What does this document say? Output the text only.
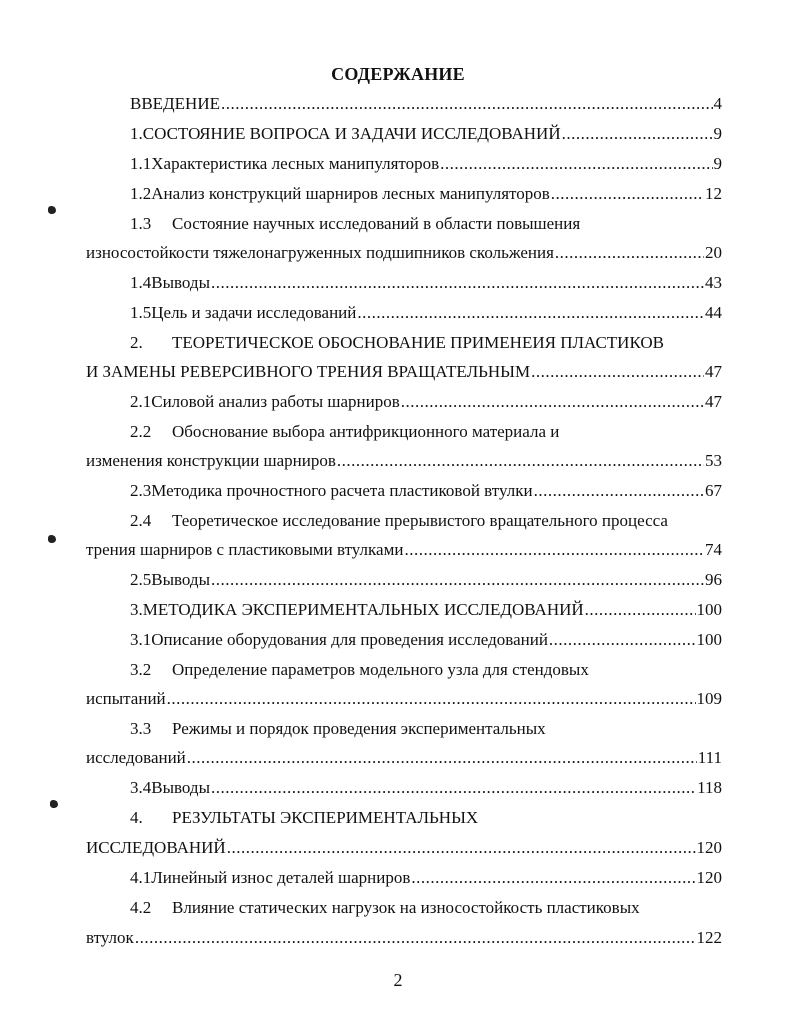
СОДЕРЖАНИЕ
ВВЕДЕНИЕ .....	4
1. СОСТОЯНИЕ ВОПРОСА И ЗАДАЧИ ИССЛЕДОВАНИЙ .....	9
1.1 Характеристика лесных манипуляторов .....	9
1.2 Анализ конструкций шарниров лесных манипуляторов .....	12
1.3 Состояние научных исследований в области повышения
износостойкости тяжелонагруженных подшипников скольжения .....	20
1.4 Выводы .....	43
1.5 Цель и задачи исследований .....	44
2. ТЕОРЕТИЧЕСКОЕ ОБОСНОВАНИЕ ПРИМЕНЕИЯ ПЛАСТИКОВ
И ЗАМЕНЫ РЕВЕРСИВНОГО ТРЕНИЯ ВРАЩАТЕЛЬНЫМ .....	47
2.1 Силовой анализ работы шарниров .....	47
2.2 Обоснование выбора антифрикционного материала и
изменения конструкции шарниров .....	53
2.3 Методика прочностного расчета пластиковой втулки .....	67
2.4 Теоретическое исследование прерывистого вращательного процесса
трения шарниров с пластиковыми втулками .....	74
2.5 Выводы .....	96
3. МЕТОДИКА ЭКСПЕРИМЕНТАЛЬНЫХ ИССЛЕДОВАНИЙ .....	100
3.1 Описание оборудования для проведения исследований .....	100
3.2 Определение параметров модельного узла для стендовых
испытаний .....	109
3.3 Режимы и порядок проведения экспериментальных
исследований .....	111
3.4 Выводы .....	118
4. РЕЗУЛЬТАТЫ ЭКСПЕРИМЕНТАЛЬНЫХ
ИССЛЕДОВАНИЙ .....	120
4.1 Линейный износ деталей шарниров .....	120
4.2 Влияние статических нагрузок на износостойкость пластиковых
втулок .....	122
2
